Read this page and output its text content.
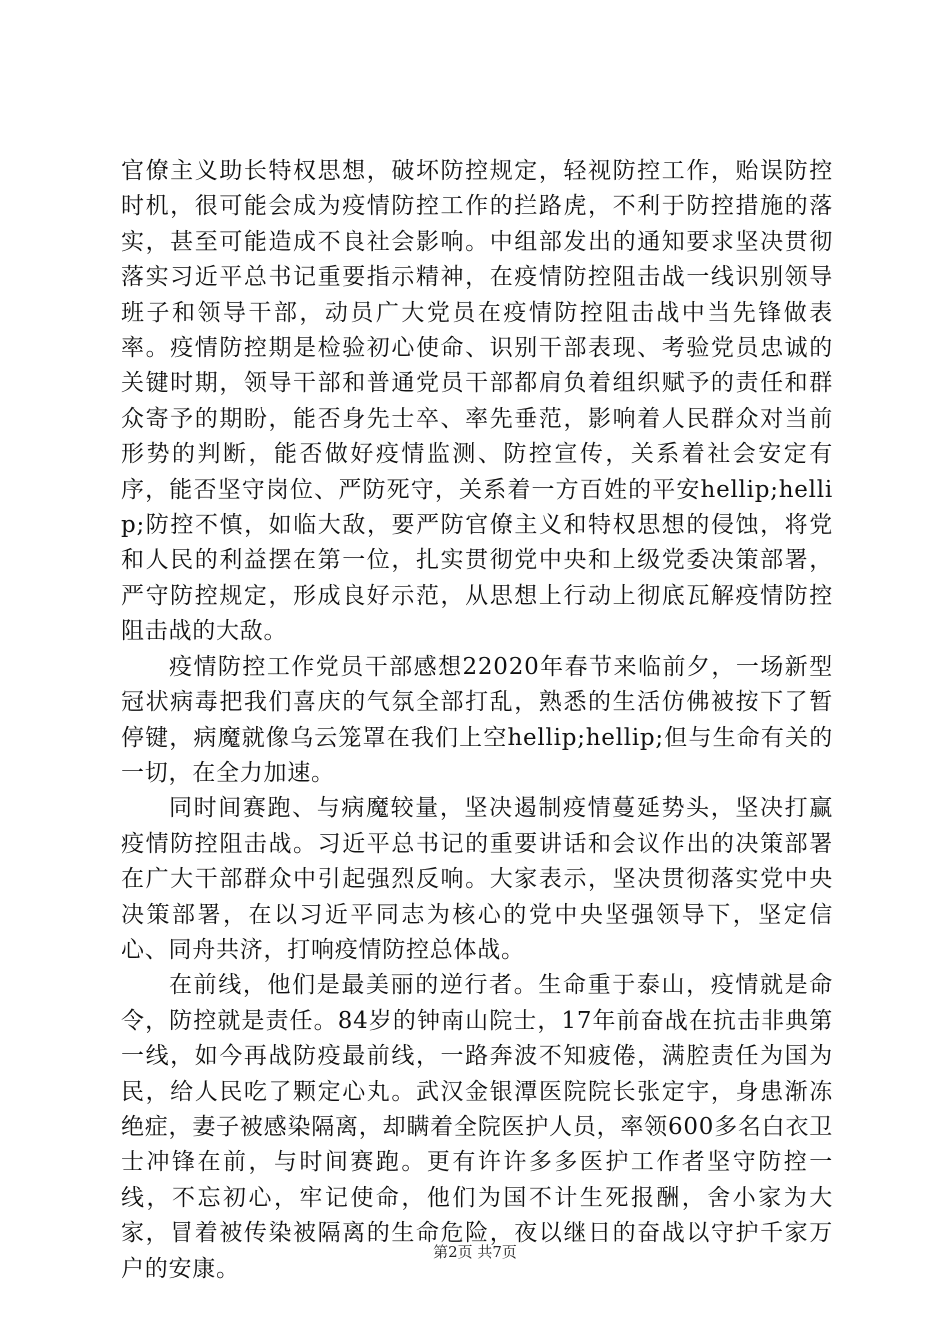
官僚主义助长特权思想，破坏防控规定，轻视防控工作，贻误防控时机，很可能会成为疫情防控工作的拦路虎，不利于防控措施的落实，甚至可能造成不良社会影响。中组部发出的通知要求坚决贯彻落实习近平总书记重要指示精神，在疫情防控阻击战一线识别领导班子和领导干部，动员广大党员在疫情防控阻击战中当先锋做表率。疫情防控期是检验初心使命、识别干部表现、考验党员忠诚的关键时期，领导干部和普通党员干部都肩负着组织赋予的责任和群众寄予的期盼，能否身先士卒、率先垂范，影响着人民群众对当前形势的判断，能否做好疫情监测、防控宣传，关系着社会安定有序，能否坚守岗位、严防死守，关系着一方百姓的平安hellip;hellip;防控不慎，如临大敌，要严防官僚主义和特权思想的侵蚀，将党和人民的利益摆在第一位，扎实贯彻党中央和上级党委决策部署，严守防控规定，形成良好示范，从思想上行动上彻底瓦解疫情防控阻击战的大敌。

疫情防控工作党员干部感想22020年春节来临前夕，一场新型冠状病毒把我们喜庆的气氛全部打乱，熟悉的生活仿佛被按下了暂停键，病魔就像乌云笼罩在我们上空hellip;hellip;但与生命有关的一切，在全力加速。

同时间赛跑、与病魔较量，坚决遏制疫情蔓延势头，坚决打赢疫情防控阻击战。习近平总书记的重要讲话和会议作出的决策部署在广大干部群众中引起强烈反响。大家表示，坚决贯彻落实党中央决策部署，在以习近平同志为核心的党中央坚强领导下，坚定信心、同舟共济，打响疫情防控总体战。

在前线，他们是最美丽的逆行者。生命重于泰山，疫情就是命令，防控就是责任。84岁的钟南山院士，17年前奋战在抗击非典第一线，如今再战防疫最前线，一路奔波不知疲倦，满腔责任为国为民，给人民吃了颗定心丸。武汉金银潭医院院长张定宇，身患渐冻绝症，妻子被感染隔离，却瞒着全院医护人员，率领600多名白衣卫士冲锋在前，与时间赛跑。更有许许多多医护工作者坚守防控一线，不忘初心，牢记使命，他们为国不计生死报酬，舍小家为大家，冒着被传染被隔离的生命危险，夜以继日的奋战以守护千家万户的安康。

第2页 共7页
